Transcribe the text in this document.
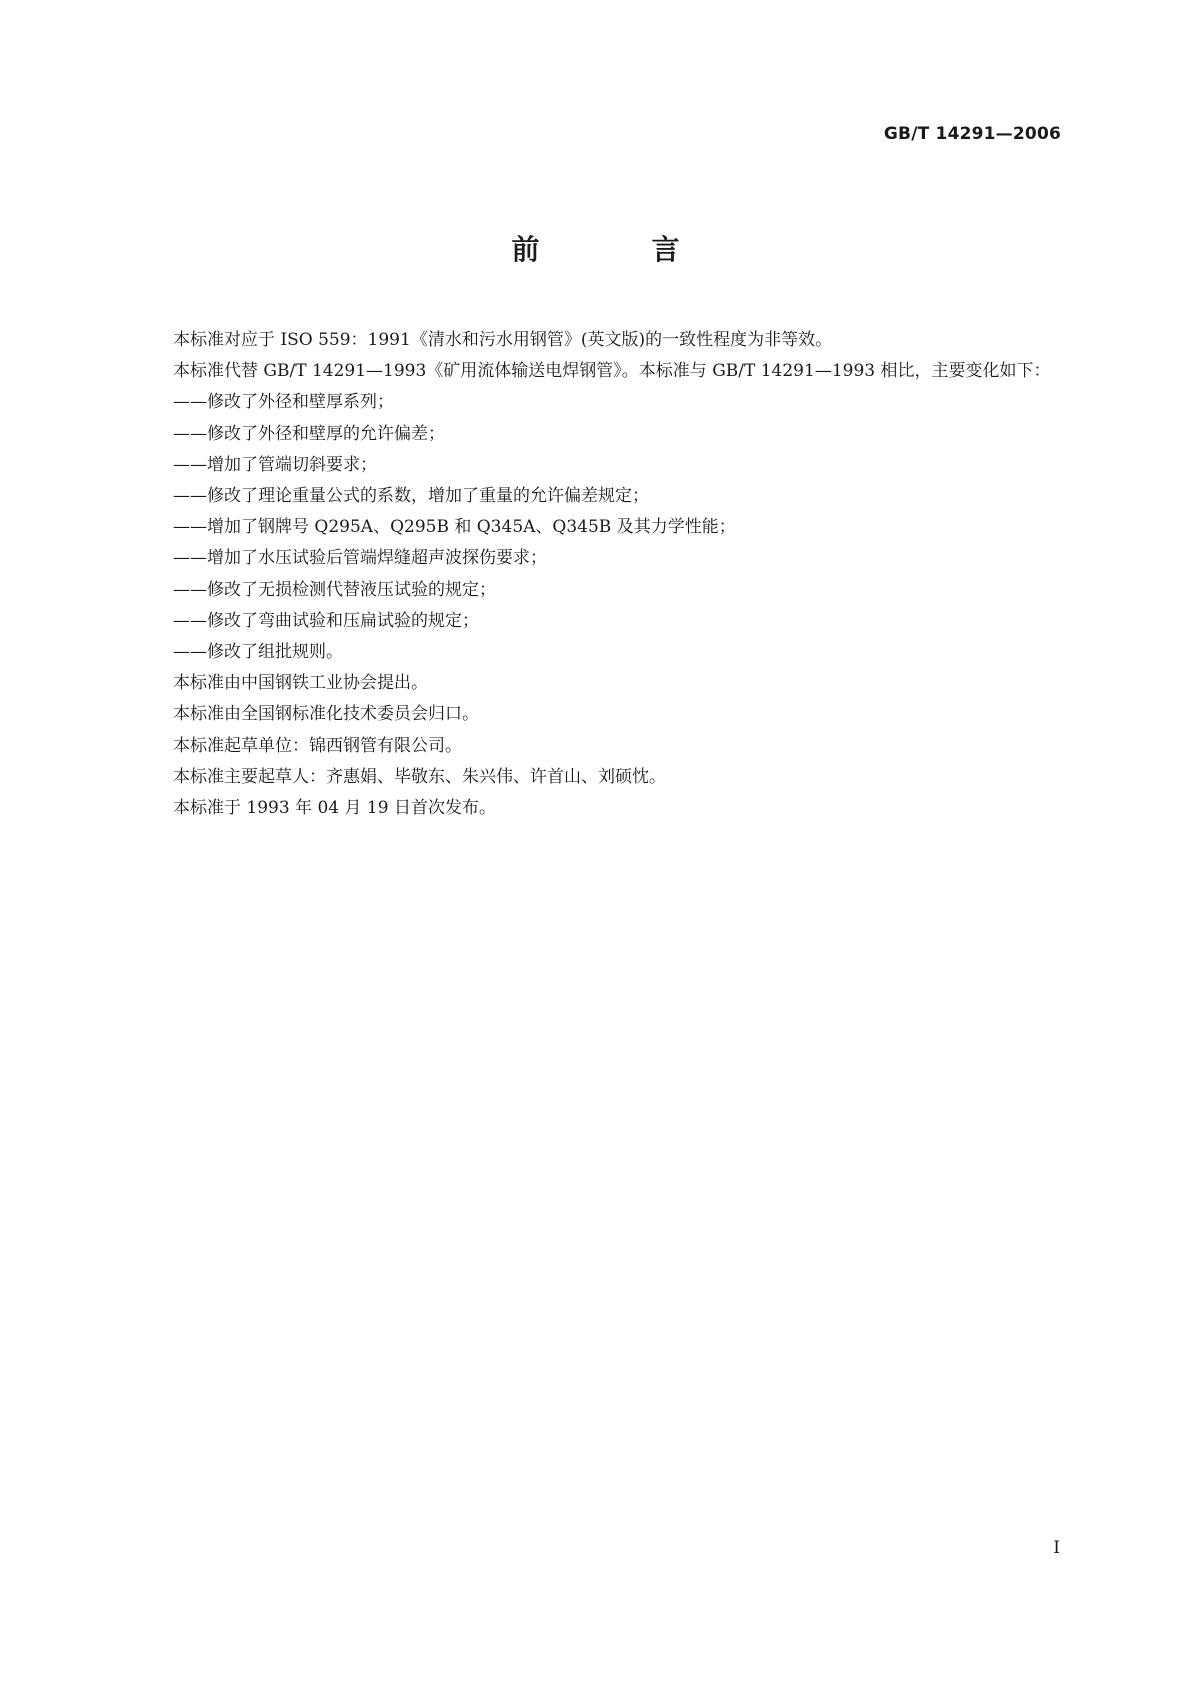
GB/T 14291—2006
前　言

本标准对应于 ISO 559：1991《清水和污水用钢管》(英文版)的一致性程度为非等效。

本标准代替 GB/T 14291—1993《矿用流体输送电焊钢管》。本标准与 GB/T 14291—1993 相比，主要变化如下：

——修改了外径和壁厚系列；

——修改了外径和壁厚的允许偏差；

——增加了管端切斜要求；

——修改了理论重量公式的系数，增加了重量的允许偏差规定；

——增加了钢牌号 Q295A、Q295B 和 Q345A、Q345B 及其力学性能；

——增加了水压试验后管端焊缝超声波探伤要求；

——修改了无损检测代替液压试验的规定；

——修改了弯曲试验和压扁试验的规定；

——修改了组批规则。

本标准由中国钢铁工业协会提出。

本标准由全国钢标准化技术委员会归口。

本标准起草单位：锦西钢管有限公司。

本标准主要起草人：齐惠娟、毕敬东、朱兴伟、许首山、刘硕忱。

本标准于 1993 年 04 月 19 日首次发布。

I
